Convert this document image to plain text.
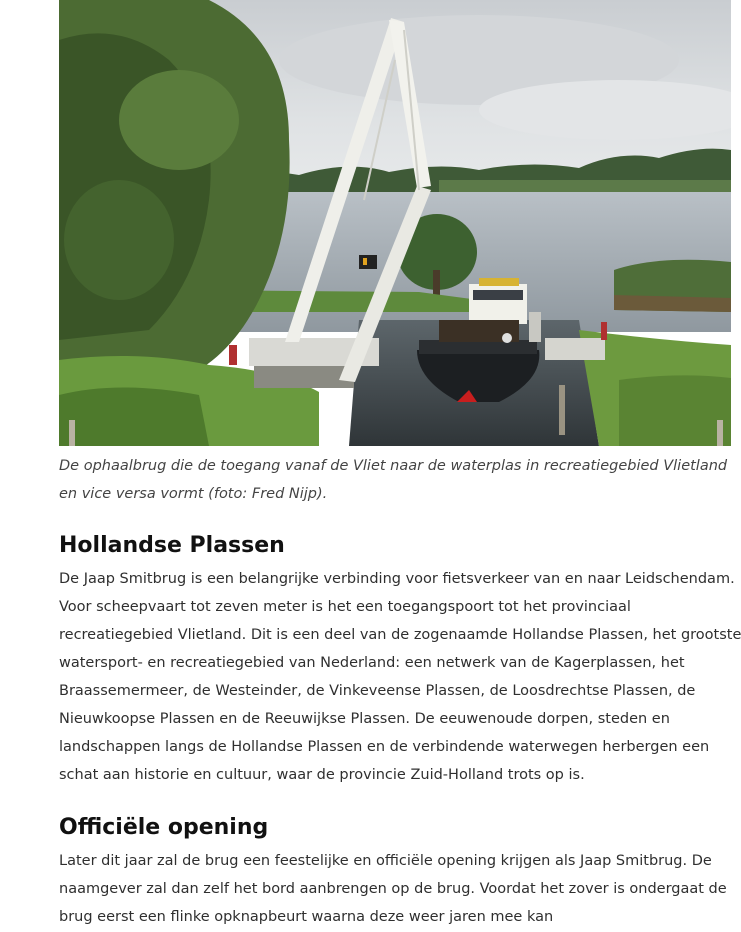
De ophaalbrug die de toegang vanaf de Vliet naar de waterplas in recreatiegebied Vlietland en vice versa vormt (foto: Fred Nijp).

Hollandse Plassen

De Jaap Smitbrug is een belangrijke verbinding voor fietsverkeer van en naar Leidschendam. Voor scheepvaart tot zeven meter is het een toegangspoort tot het provinciaal recreatiegebied Vlietland. Dit is een deel van de zogenaamde Hollandse Plassen, het grootste watersport- en recreatiegebied van Nederland: een netwerk van de Kagerplassen, het Braassemermeer, de Westeinder, de Vinkeveense Plassen, de Loosdrechtse Plassen, de Nieuwkoopse Plassen en de Reeuwijkse Plassen. De eeuwenoude dorpen, steden en landschappen langs de Hollandse Plassen en de verbindende waterwegen herbergen een schat aan historie en cultuur, waar de provincie Zuid-Holland trots op is.

Officiële opening

Later dit jaar zal de brug een feestelijke en officiële opening krijgen als Jaap Smitbrug. De naamgever zal dan zelf het bord aanbrengen op de brug. Voordat het zover is ondergaat de brug eerst een flinke opknapbeurt waarna deze weer jaren mee kan
